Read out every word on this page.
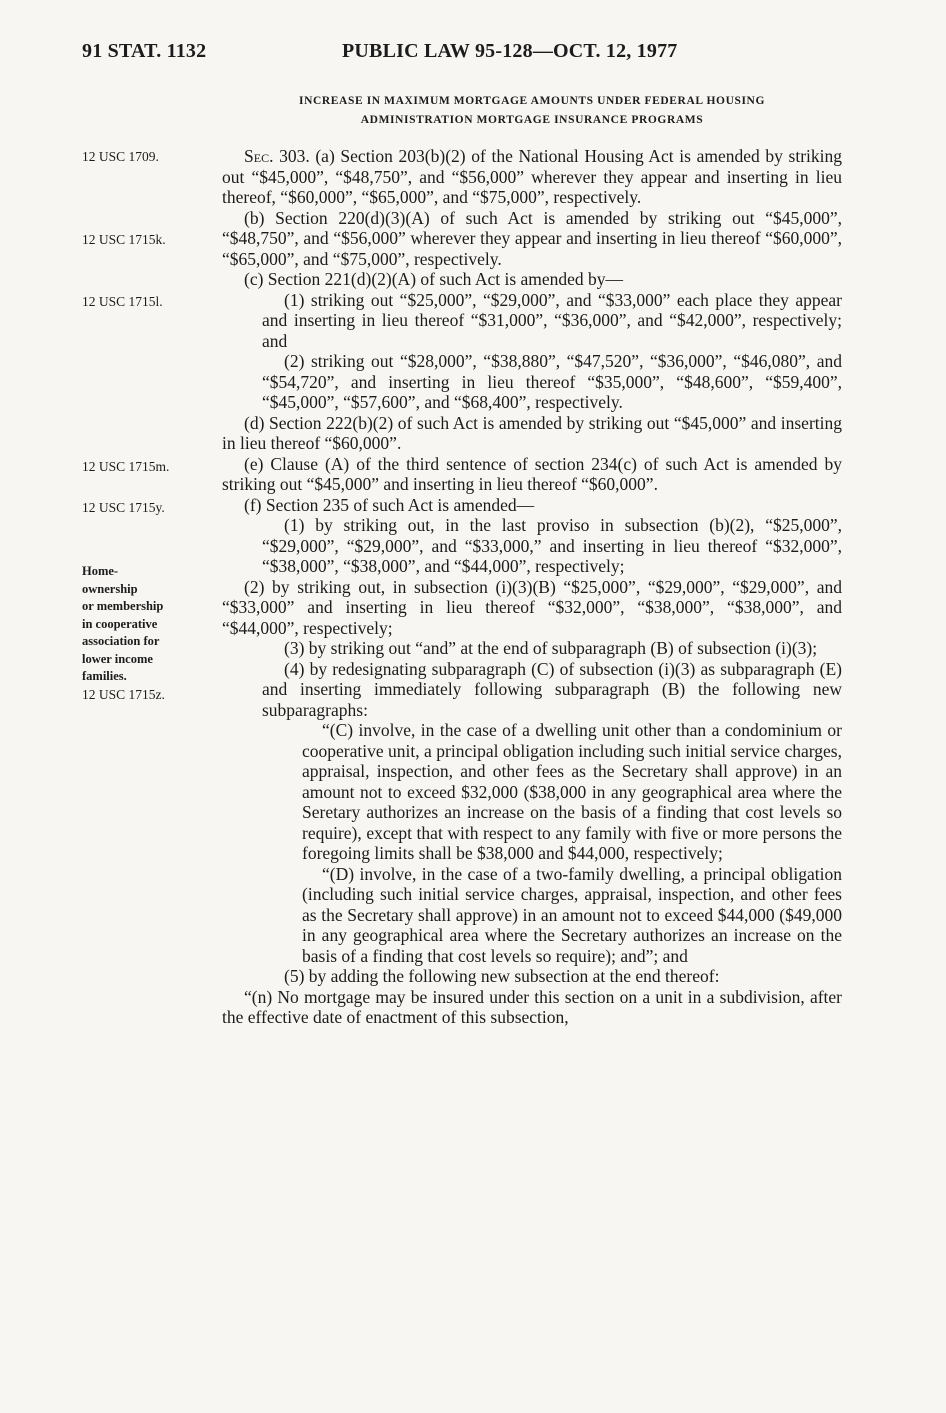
91 STAT. 1132	PUBLIC LAW 95-128—OCT. 12, 1977
INCREASE IN MAXIMUM MORTGAGE AMOUNTS UNDER FEDERAL HOUSING
ADMINISTRATION MORTGAGE INSURANCE PROGRAMS
12 USC 1709.
12 USC 1715k.
12 USC 1715l.
12 USC 1715m.
12 USC 1715y.
Home-
ownership
or membership
in cooperative
association for
lower income
families.
12 USC 1715z.

Sec. 303. (a) Section 203(b)(2) of the National Housing Act is amended by striking out “$45,000”, “$48,750”, and “$56,000” wherever they appear and inserting in lieu thereof, “$60,000”, “$65,000”, and “$75,000”, respectively.

(b) Section 220(d)(3)(A) of such Act is amended by striking out “$45,000”, “$48,750”, and “$56,000” wherever they appear and inserting in lieu thereof “$60,000”, “$65,000”, and “$75,000”, respectively.

(c) Section 221(d)(2)(A) of such Act is amended by—

(1) striking out “$25,000”, “$29,000”, and “$33,000” each place they appear and inserting in lieu thereof “$31,000”, “$36,000”, and “$42,000”, respectively; and

(2) striking out “$28,000”, “$38,880”, “$47,520”, “$36,000”, “$46,080”, and “$54,720”, and inserting in lieu thereof “$35,000”, “$48,600”, “$59,400”, “$45,000”, “$57,600”, and “$68,400”, respectively.

(d) Section 222(b)(2) of such Act is amended by striking out “$45,000” and inserting in lieu thereof “$60,000”.

(e) Clause (A) of the third sentence of section 234(c) of such Act is amended by striking out “$45,000” and inserting in lieu thereof “$60,000”.

(f) Section 235 of such Act is amended—

(1) by striking out, in the last proviso in subsection (b)(2), “$25,000”, “$29,000”, “$29,000”, and “$33,000,” and inserting in lieu thereof “$32,000”, “$38,000”, “$38,000”, and “$44,000”, respectively;

(2) by striking out, in subsection (i)(3)(B) “$25,000”, “$29,000”, “$29,000”, and “$33,000” and inserting in lieu thereof “$32,000”, “$38,000”, “$38,000”, and “$44,000”, respectively;

(3) by striking out “and” at the end of subparagraph (B) of subsection (i)(3);

(4) by redesignating subparagraph (C) of subsection (i)(3) as subparagraph (E) and inserting immediately following subparagraph (B) the following new subparagraphs:

“(C) involve, in the case of a dwelling unit other than a condominium or cooperative unit, a principal obligation including such initial service charges, appraisal, inspection, and other fees as the Secretary shall approve) in an amount not to exceed $32,000 ($38,000 in any geographical area where the Seretary authorizes an increase on the basis of a finding that cost levels so require), except that with respect to any family with five or more persons the foregoing limits shall be $38,000 and $44,000, respectively;

“(D) involve, in the case of a two-family dwelling, a principal obligation (including such initial service charges, appraisal, inspection, and other fees as the Secretary shall approve) in an amount not to exceed $44,000 ($49,000 in any geographical area where the Secretary authorizes an increase on the basis of a finding that cost levels so require); and”; and

(5) by adding the following new subsection at the end thereof:

“(n) No mortgage may be insured under this section on a unit in a subdivision, after the effective date of enactment of this subsection,
